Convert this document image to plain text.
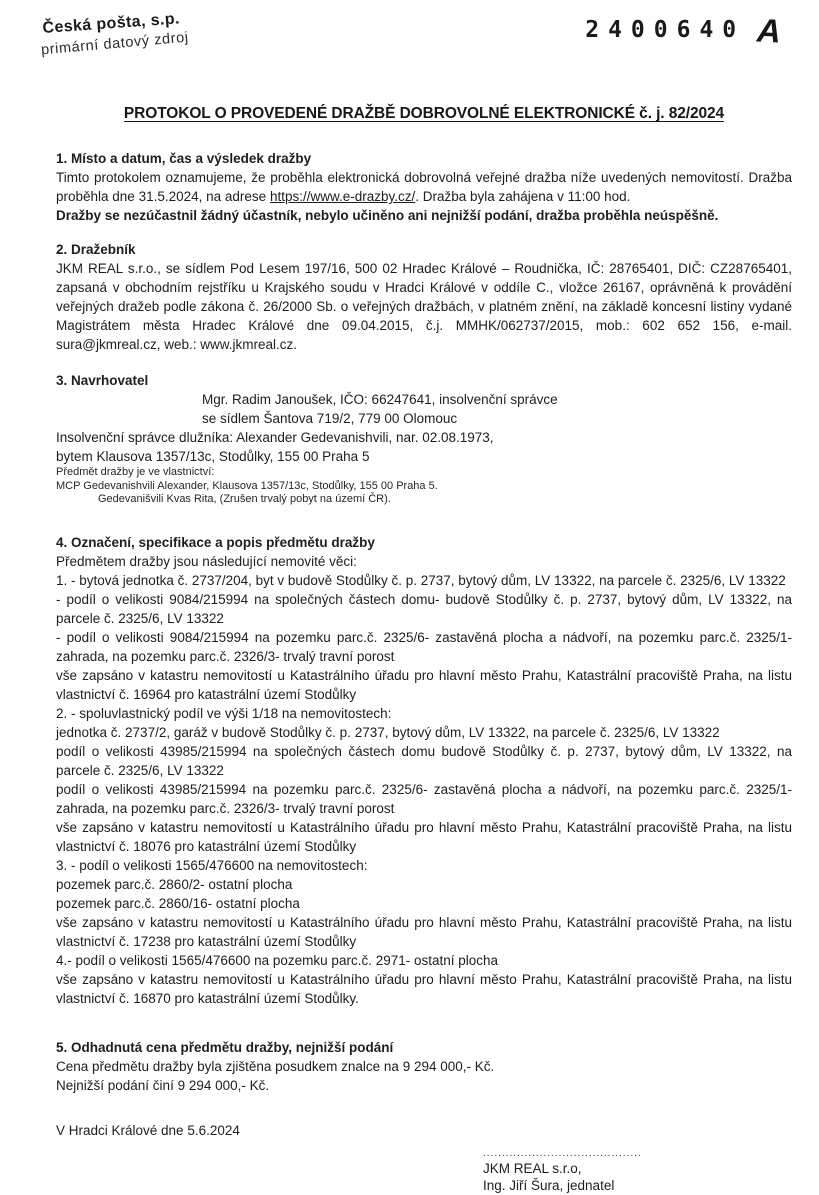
Česká pošta, s.p.
primární datový zdroj	2400640 A
PROTOKOL O PROVEDENÉ DRAŽBĚ DOBROVOLNÉ ELEKTRONICKÉ č. j. 82/2024
1. Místo a datum, čas a výsledek dražby

Timto protokolem oznamujeme, že proběhla elektronická dobrovolná veřejné dražba níže uvedených nemovitostí. Dražba proběhla dne 31.5.2024, na adrese https://www.e-drazby.cz/. Dražba byla zahájena v 11:00 hod.

Dražby se nezúčastnil žádný účastník, nebylo učiněno ani nejnižší podání, dražba proběhla neúspěšně.

2. Dražebník

JKM REAL s.r.o., se sídlem Pod Lesem 197/16, 500 02 Hradec Králové – Roudnička, IČ: 28765401, DIČ: CZ28765401, zapsaná v obchodním rejstříku u Krajského soudu v Hradci Králové v oddíle C., vložce 26167, oprávněná k provádění veřejných dražeb podle zákona č. 26/2000 Sb. o veřejných dražbách, v platném znění, na základě koncesní listiny vydané Magistrátem města Hradec Králové dne 09.04.2015, č.j. MMHK/062737/2015, mob.: 602 652 156, e-mail. sura@jkmreal.cz, web.: www.jkmreal.cz.

3. Navrhovatel

Mgr. Radim Janoušek, IČO: 66247641, insolvenční správce

se sídlem Šantova 719/2, 779 00 Olomouc

Insolvenční správce dlužníka: Alexander Gedevanishvili, nar. 02.08.1973,

bytem Klausova 1357/13c, Stodůlky, 155 00 Praha 5

Předmět dražby je ve vlastnictví:

MCP Gedevanishvili Alexander, Klausova 1357/13c, Stodůlky, 155 00 Praha 5.

Gedevanišvili Kvas Rita, (Zrušen trvalý pobyt na území ČR).

4. Označení, specifikace a popis předmětu dražby

Předmětem dražby jsou následující nemovité věci:

1. - bytová jednotka č. 2737/204, byt v budově Stodůlky č. p. 2737, bytový dům, LV 13322, na parcele č. 2325/6, LV 13322

- podíl o velikosti 9084/215994 na společných částech domu- budově Stodůlky č. p. 2737, bytový dům, LV 13322, na parcele č. 2325/6, LV 13322

- podíl o velikosti 9084/215994 na pozemku parc.č. 2325/6- zastavěná plocha a nádvoří, na pozemku parc.č. 2325/1- zahrada, na pozemku parc.č. 2326/3- trvalý travní porost

vše zapsáno v katastru nemovitostí u Katastrálního úřadu pro hlavní město Prahu, Katastrální pracoviště Praha, na listu vlastnictví č. 16964 pro katastrální území Stodůlky

2. - spoluvlastnický podíl ve výši 1/18 na nemovitostech:

jednotka č. 2737/2, garáž v budově Stodůlky č. p. 2737, bytový dům, LV 13322, na parcele č. 2325/6, LV 13322

podíl o velikosti 43985/215994 na společných částech domu budově Stodůlky č. p. 2737, bytový dům, LV 13322, na parcele č. 2325/6, LV 13322

podíl o velikosti 43985/215994 na pozemku parc.č. 2325/6- zastavěná plocha a nádvoří, na pozemku parc.č. 2325/1- zahrada, na pozemku parc.č. 2326/3- trvalý travní porost

vše zapsáno v katastru nemovitostí u Katastrálního úřadu pro hlavní město Prahu, Katastrální pracoviště Praha, na listu vlastnictví č. 18076 pro katastrální území Stodůlky

3. - podíl o velikosti 1565/476600 na nemovitostech:

pozemek parc.č. 2860/2- ostatní plocha

pozemek parc.č. 2860/16- ostatní plocha

vše zapsáno v katastru nemovitostí u Katastrálního úřadu pro hlavní město Prahu, Katastrální pracoviště Praha, na listu vlastnictví č. 17238 pro katastrální území Stodůlky

4.- podíl o velikosti 1565/476600 na pozemku parc.č. 2971- ostatní plocha

vše zapsáno v katastru nemovitostí u Katastrálního úřadu pro hlavní město Prahu, Katastrální pracoviště Praha, na listu vlastnictví č. 16870 pro katastrální území Stodůlky.

5. Odhadnutá cena předmětu dražby, nejnižší podání

Cena předmětu dražby byla zjištěna posudkem znalce na 9 294 000,- Kč.

Nejnižší podání činí 9 294 000,- Kč.

V Hradci Králové dne 5.6.2024

..........................................
JKM REAL s.r.o,
Ing. Jiří Šura, jednatel
